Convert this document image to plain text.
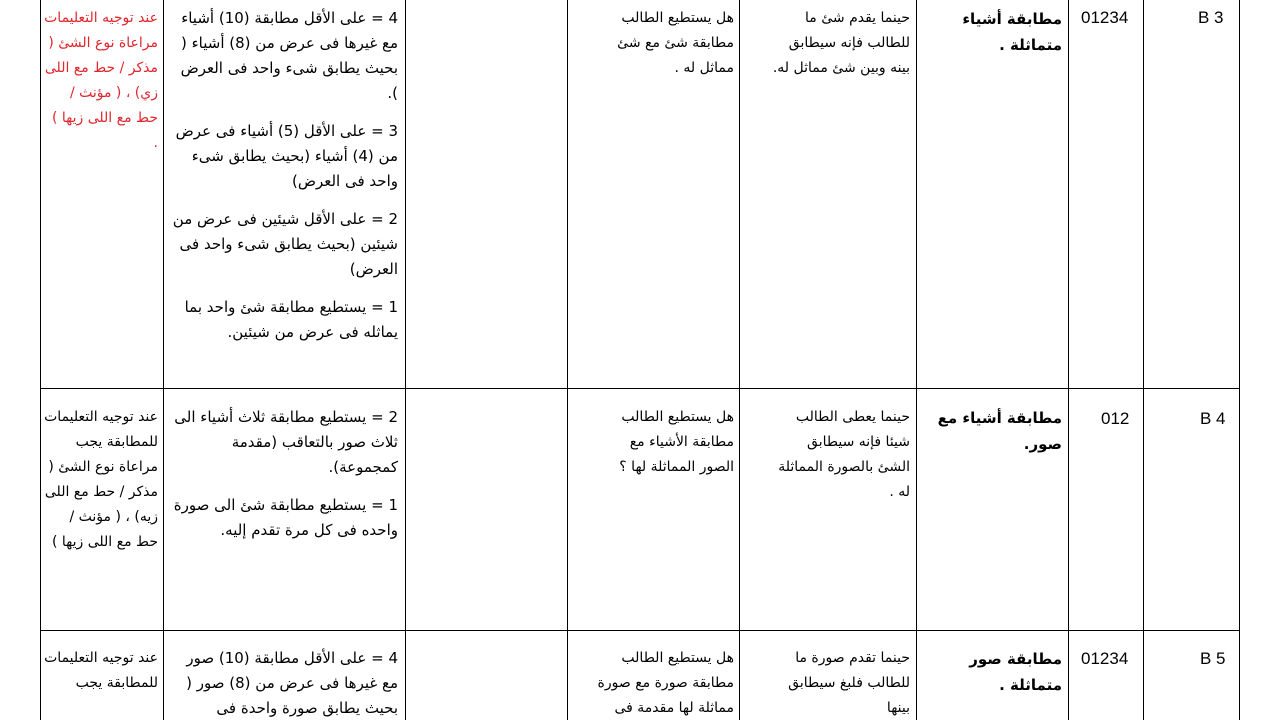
B 3
01234
مطابقة أشياء متماثلة .
حينما يقدم شئ ما للطالب فإنه سيطابق بينه وبين شئ مماثل له.
هل يستطيع الطالب مطابقة شئ مع شئ مماثل له .
4 = على الأقل مطابقة (10) أشياء مع غيرها فى عرض من (8) أشياء ( بحيث يطابق شىء واحد فى العرض ).
3 = على الأقل (5) أشياء فى عرض من (4) أشياء (بحيث يطابق شىء واحد فى العرض)
2 = على الأقل شيئين فى عرض من شيئين (بحيث يطابق شىء واحد فى العرض)
1 = يستطيع مطابقة شئ واحد بما يماثله فى عرض من شيئين.
عند توجيه التعليمات مراعاة نوع الشئ ( مذكر / حط مع اللى زي) ، ( مؤنث / حط مع اللى زيها ) .
B 4
012
مطابقة أشياء مع صور.
حينما يعطى الطالب شيئا فإنه سيطابق الشئ بالصورة المماثلة له .
هل يستطيع الطالب مطابقة الأشياء مع الصور المماثلة لها ؟
2 = يستطيع مطابقة ثلاث أشياء الى ثلاث صور بالتعاقب (مقدمة كمجموعة).
1 = يستطيع مطابقة شئ الى صورة واحده فى كل مرة تقدم إليه.
عند توجيه التعليمات للمطابقة يجب مراعاة نوع الشئ ( مذكر / حط مع اللى زيه) ، ( مؤنث / حط مع اللى زيها )
B 5
01234
مطابقة صور متماثلة .
حينما تقدم صورة ما للطالب فلبغ سيطابق بينها
هل يستطيع الطالب مطابقة صورة مع صورة مماثلة لها مقدمة فى
4 = على الأقل مطابقة (10) صور مع غيرها فى عرض من (8) صور ( بحيث يطابق صورة واحدة فى
عند توجيه التعليمات للمطابقة يجب
